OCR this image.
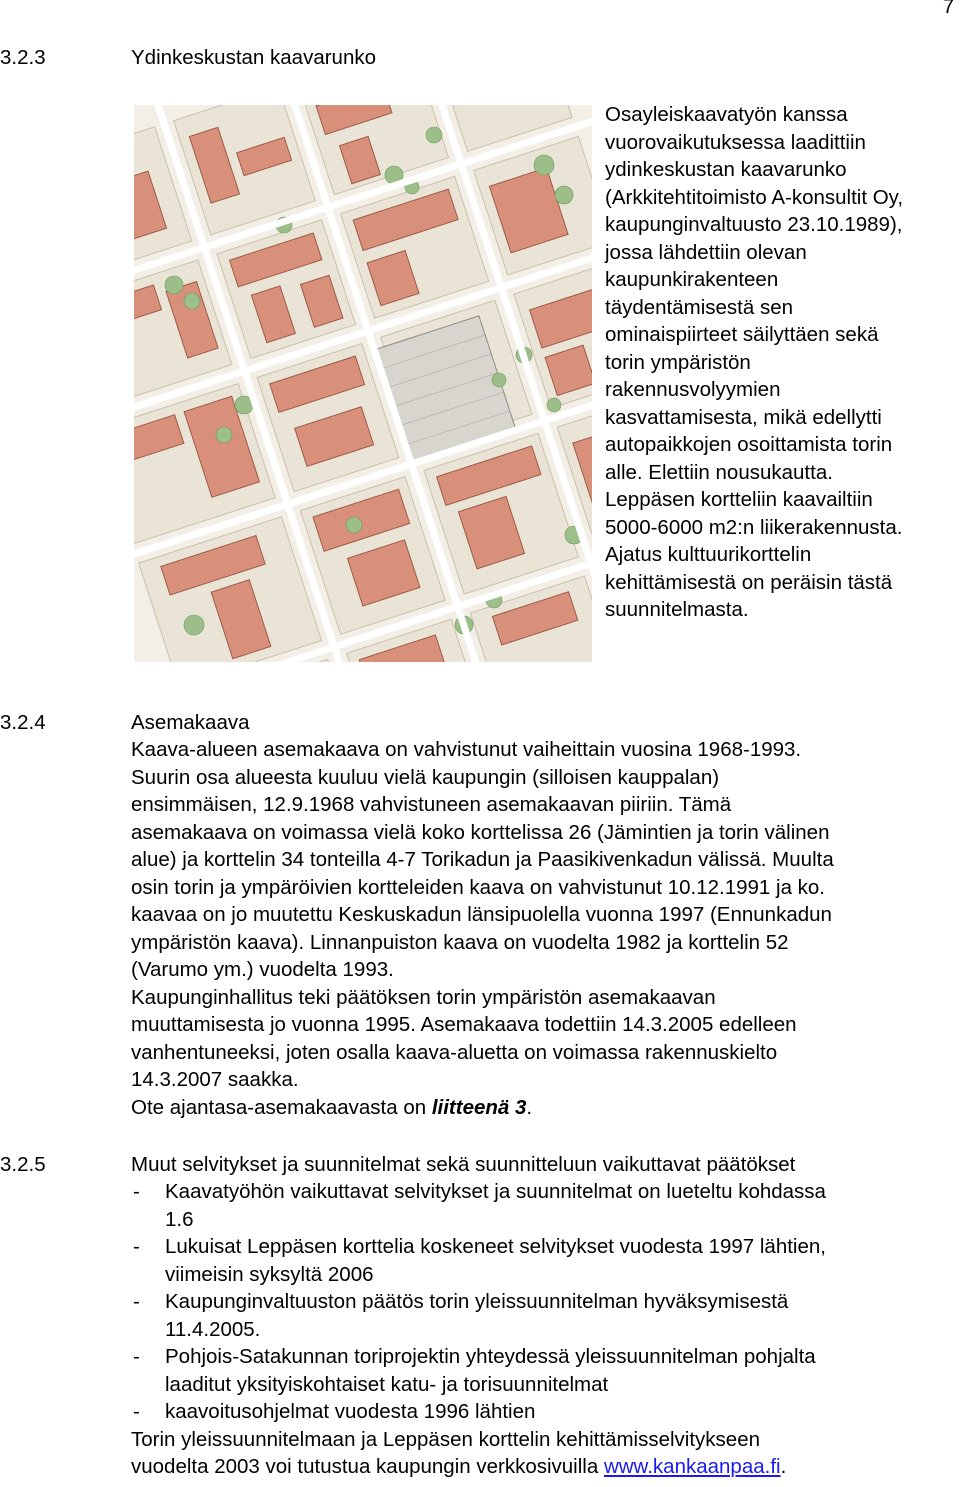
7
3.2.3	Ydinkeskustan kaavarunko
Osayleiskaavatyön kanssa
vuorovaikutuksessa laadittiin
ydinkeskustan kaavarunko
(Arkkitehtitoimisto A-konsultit Oy,
kaupunginvaltuusto 23.10.1989),
jossa lähdettiin olevan
kaupunkirakenteen
täydentämisestä sen
ominaispiirteet säilyttäen sekä
torin ympäristön
rakennusvolyymien
kasvattamisesta, mikä edellytti
autopaikkojen osoittamista torin
alle. Elettiin nousukautta.
Leppäsen kortteliin kaavailtiin
5000-6000 m2:n liikerakennusta.
Ajatus kulttuurikorttelin
kehittämisestä on peräisin tästä
suunnitelmasta.
3.2.4	Asemakaava
Kaava-alueen asemakaava on vahvistunut vaiheittain vuosina 1968-1993.
Suurin osa alueesta kuuluu vielä kaupungin (silloisen kauppalan)
ensimmäisen, 12.9.1968 vahvistuneen asemakaavan piiriin. Tämä
asemakaava on voimassa vielä koko korttelissa 26 (Jämintien ja torin välinen
alue) ja korttelin 34 tonteilla 4-7 Torikadun ja Paasikivenkadun välissä. Muulta
osin torin ja ympäröivien kortteleiden kaava on vahvistunut 10.12.1991 ja ko.
kaavaa on jo muutettu Keskuskadun länsipuolella vuonna 1997 (Ennunkadun
ympäristön kaava). Linnanpuiston kaava on vuodelta 1982 ja korttelin 52
(Varumo ym.) vuodelta 1993.
Kaupunginhallitus teki päätöksen torin ympäristön asemakaavan
muuttamisesta jo vuonna 1995. Asemakaava todettiin 14.3.2005 edelleen
vanhentuneeksi, joten osalla kaava-aluetta on voimassa rakennuskielto
14.3.2007 saakka.
Ote ajantasa-asemakaavasta on liitteenä 3.
3.2.5	Muut selvitykset ja suunnitelmat sekä suunnitteluun vaikuttavat päätökset
- Kaavatyöhön vaikuttavat selvitykset ja suunnitelmat on lueteltu kohdassa
1.6
- Lukuisat Leppäsen korttelia koskeneet selvitykset vuodesta 1997 lähtien,
viimeisin syksyltä 2006
- Kaupunginvaltuuston päätös torin yleissuunnitelman hyväksymisestä
11.4.2005.
- Pohjois-Satakunnan toriprojektin yhteydessä yleissuunnitelman pohjalta
laaditut yksityiskohtaiset katu- ja torisuunnitelmat
- kaavoitusohjelmat vuodesta 1996 lähtien
Torin yleissuunnitelmaan ja Leppäsen korttelin kehittämisselvitykseen
vuodelta 2003 voi tutustua kaupungin verkkosivuilla www.kankaanpaa.fi.
